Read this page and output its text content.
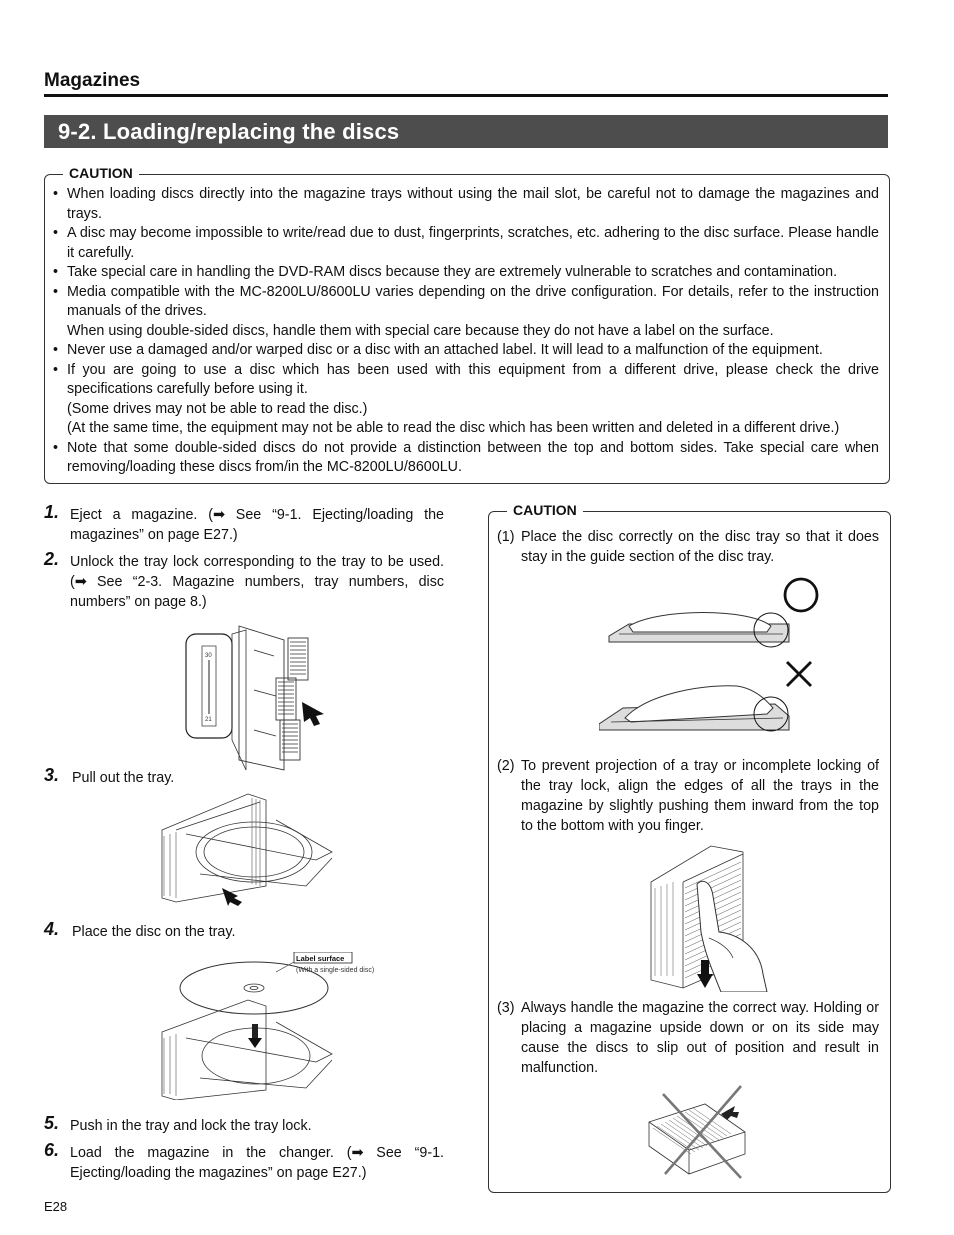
Magazines
9-2. Loading/replacing the discs
CAUTION
• When loading discs directly into the magazine trays without using the mail slot, be careful not to damage the magazines and trays.
• A disc may become impossible to write/read due to dust, fingerprints, scratches, etc. adhering to the disc surface. Please handle it carefully.
• Take special care in handling the DVD-RAM discs because they are extremely vulnerable to scratches and contamination.
• Media compatible with the MC-8200LU/8600LU varies depending on the drive configuration. For details, refer to the instruction manuals of the drives.
When using double-sided discs, handle them with special care because they do not have a label on the surface.
• Never use a damaged and/or warped disc or a disc with an attached label. It will lead to a malfunction of the equipment.
• If you are going to use a disc which has been used with this equipment from a different drive, please check the drive specifications carefully before using it.
(Some drives may not be able to read the disc.)
(At the same time, the equipment may not be able to read the disc which has been written and deleted in a different drive.)
• Note that some double-sided discs do not provide a distinction between the top and bottom sides. Take special care when removing/loading these discs from/in the MC-8200LU/8600LU.
1. Eject a magazine. (➡ See “9-1. Ejecting/loading the magazines” on page E27.)
2. Unlock the tray lock corresponding to the tray to be used. (➡ See “2-3. Magazine numbers, tray numbers, disc numbers” on page 8.)
3. Pull out the tray.
4. Place the disc on the tray.
5. Push in the tray and lock the tray lock.
6. Load the magazine in the changer. (➡ See “9-1. Ejecting/loading the magazines” on page E27.)
30
21
Label surface
(With a single-sided disc)
CAUTION
(1) Place the disc correctly on the disc tray so that it does stay in the guide section of the disc tray.
(2) To prevent projection of a tray or incomplete locking of the tray lock, align the edges of all the trays in the magazine by slightly pushing them inward from the top to the bottom with you finger.
(3) Always handle the magazine the correct way. Holding or placing a magazine upside down or on its side may cause the discs to slip out of position and result in malfunction.
E28
